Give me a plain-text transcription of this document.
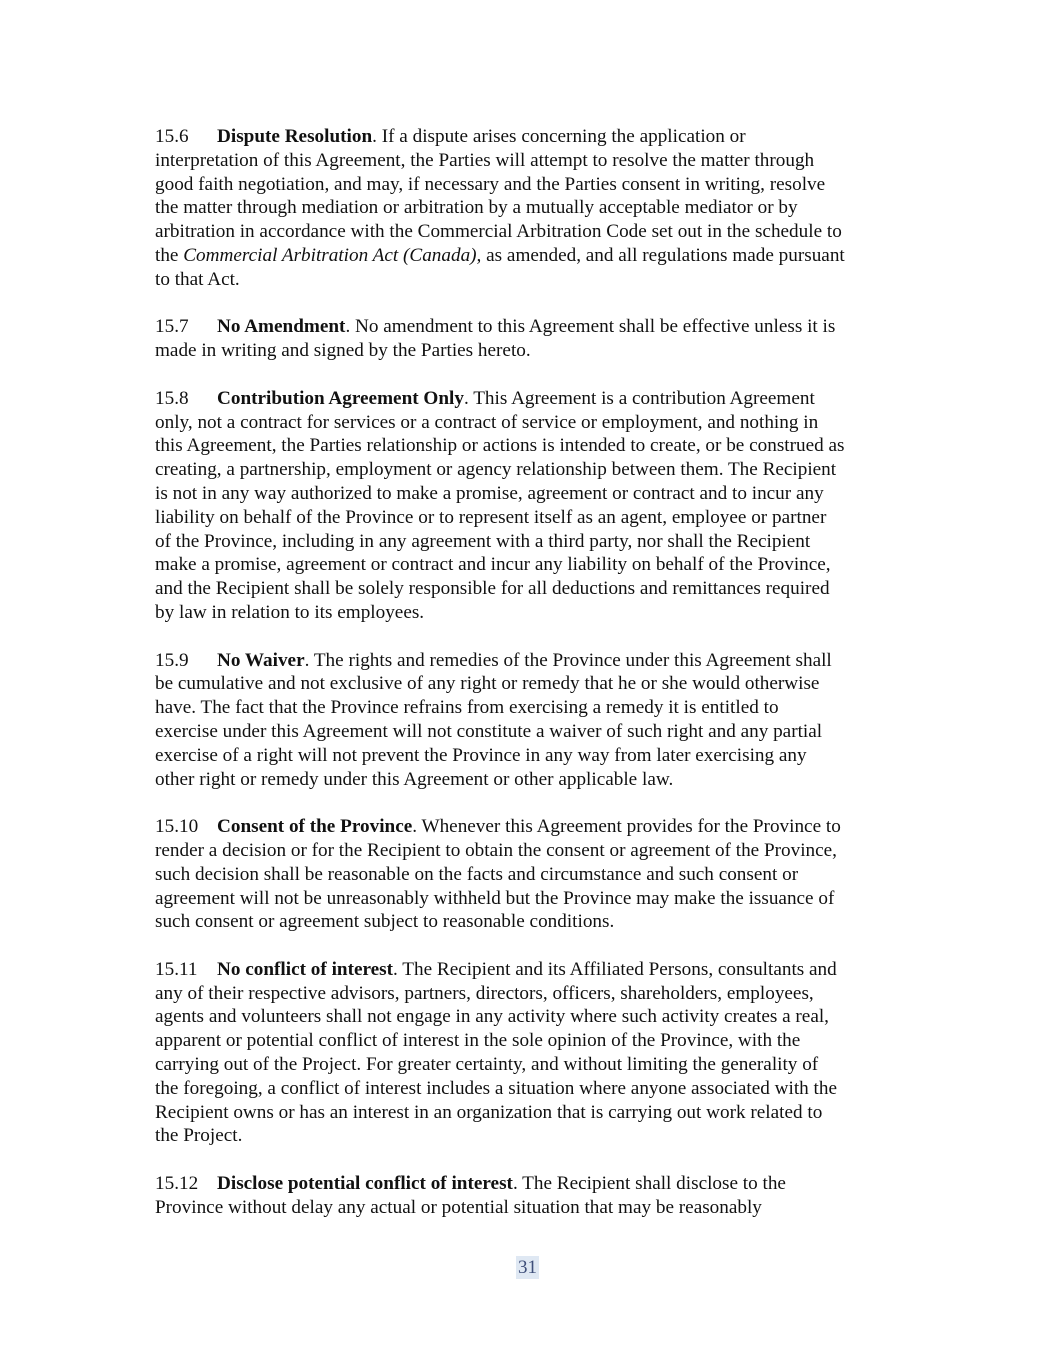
15.6 Dispute Resolution. If a dispute arises concerning the application or
interpretation of this Agreement, the Parties will attempt to resolve the matter through
good faith negotiation, and may, if necessary and the Parties consent in writing, resolve
the matter through mediation or arbitration by a mutually acceptable mediator or by
arbitration in accordance with the Commercial Arbitration Code set out in the schedule to
the Commercial Arbitration Act (Canada), as amended, and all regulations made pursuant
to that Act.
15.7 No Amendment. No amendment to this Agreement shall be effective unless it is
made in writing and signed by the Parties hereto.
15.8 Contribution Agreement Only. This Agreement is a contribution Agreement
only, not a contract for services or a contract of service or employment, and nothing in
this Agreement, the Parties relationship or actions is intended to create, or be construed as
creating, a partnership, employment or agency relationship between them. The Recipient
is not in any way authorized to make a promise, agreement or contract and to incur any
liability on behalf of the Province or to represent itself as an agent, employee or partner
of the Province, including in any agreement with a third party, nor shall the Recipient
make a promise, agreement or contract and incur any liability on behalf of the Province,
and the Recipient shall be solely responsible for all deductions and remittances required
by law in relation to its employees.
15.9 No Waiver. The rights and remedies of the Province under this Agreement shall
be cumulative and not exclusive of any right or remedy that he or she would otherwise
have. The fact that the Province refrains from exercising a remedy it is entitled to
exercise under this Agreement will not constitute a waiver of such right and any partial
exercise of a right will not prevent the Province in any way from later exercising any
other right or remedy under this Agreement or other applicable law.
15.10 Consent of the Province. Whenever this Agreement provides for the Province to
render a decision or for the Recipient to obtain the consent or agreement of the Province,
such decision shall be reasonable on the facts and circumstance and such consent or
agreement will not be unreasonably withheld but the Province may make the issuance of
such consent or agreement subject to reasonable conditions.
15.11 No conflict of interest. The Recipient and its Affiliated Persons, consultants and
any of their respective advisors, partners, directors, officers, shareholders, employees,
agents and volunteers shall not engage in any activity where such activity creates a real,
apparent or potential conflict of interest in the sole opinion of the Province, with the
carrying out of the Project. For greater certainty, and without limiting the generality of
the foregoing, a conflict of interest includes a situation where anyone associated with the
Recipient owns or has an interest in an organization that is carrying out work related to
the Project.
15.12 Disclose potential conflict of interest. The Recipient shall disclose to the
Province without delay any actual or potential situation that may be reasonably
31
